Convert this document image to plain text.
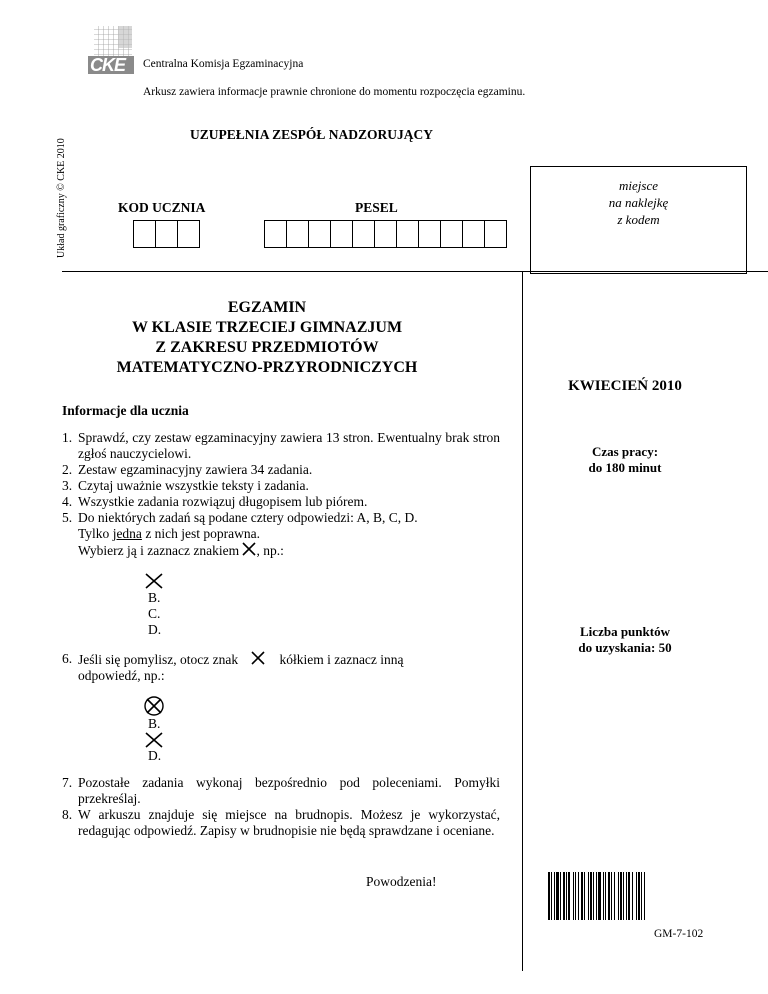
CKE Centralna Komisja Egzaminacyjna
Arkusz zawiera informacje prawnie chronione do momentu rozpoczęcia egzaminu.
Układ graficzny © CKE 2010
UZUPEŁNIA ZESPÓŁ NADZORUJĄCY
KOD UCZNIA	PESEL
miejsce
na naklejkę
z kodem
EGZAMIN
W KLASIE TRZECIEJ GIMNAZJUM
Z ZAKRESU PRZEDMIOTÓW
MATEMATYCZNO-PRZYRODNICZYCH
KWIECIEŃ 2010
Czas pracy:
do 180 minut
Liczba punktów
do uzyskania: 50
Informacje dla ucznia
1. Sprawdź, czy zestaw egzaminacyjny zawiera 13 stron. Ewentualny brak stron zgłoś nauczycielowi.
2. Zestaw egzaminacyjny zawiera 34 zadania.
3. Czytaj uważnie wszystkie teksty i zadania.
4. Wszystkie zadania rozwiązuj długopisem lub piórem.
5. Do niektórych zadań są podane cztery odpowiedzi: A, B, C, D.
Tylko jedna z nich jest poprawna.
Wybierz ją i zaznacz znakiem , np.:
B.
C.
D.
6. Jeśli się pomylisz, otocz znak	kółkiem i zaznacz inną
odpowiedź, np.:
B.
D.
7. Pozostałe zadania wykonaj bezpośrednio pod poleceniami. Pomyłki przekreślaj.
8. W arkuszu znajduje się miejsce na brudnopis. Możesz je wykorzystać, redagując odpowiedź. Zapisy w brudnopisie nie będą sprawdzane i oceniane.
Powodzenia!
GM-7-102
